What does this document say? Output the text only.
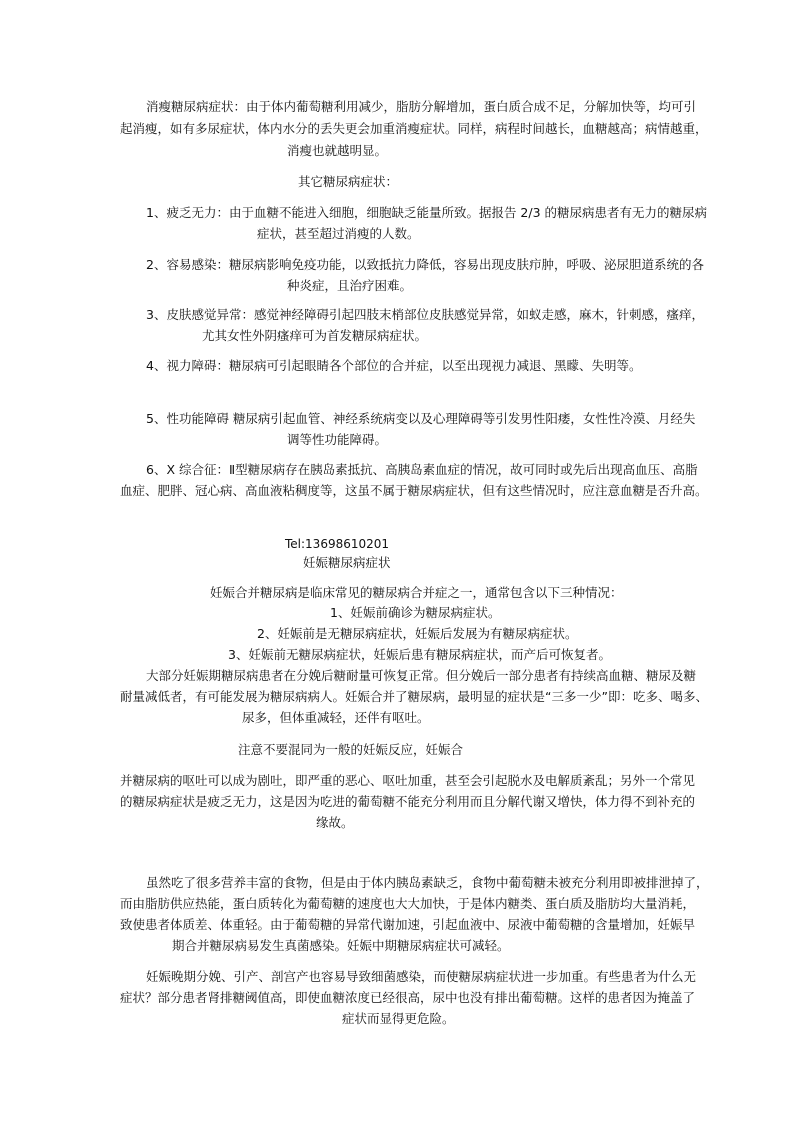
消瘦糖尿病症状：由于体内葡萄糖利用减少，脂肪分解增加，蛋白质合成不足，分解加快等，均可引
起消瘦，如有多尿症状，体内水分的丢失更会加重消瘦症状。同样，病程时间越长，血糖越高；病情越重，
消瘦也就越明显。
其它糖尿病症状：
1、疲乏无力：由于血糖不能进入细胞，细胞缺乏能量所致。据报告 2/3 的糖尿病患者有无力的糖尿病
症状，甚至超过消瘦的人数。
2、容易感染：糖尿病影响免疫功能，以致抵抗力降低，容易出现皮肤疖肿，呼吸、泌尿胆道系统的各
种炎症，且治疗困难。
3、皮肤感觉异常：感觉神经障碍引起四肢末梢部位皮肤感觉异常，如蚁走感，麻木，针刺感，瘙痒，
尤其女性外阴瘙痒可为首发糖尿病症状。
4、视力障碍：糖尿病可引起眼睛各个部位的合并症，以至出现视力减退、黑矇、失明等。
5、性功能障碍 糖尿病引起血管、神经系统病变以及心理障碍等引发男性阳痿，女性性冷漠、月经失
调等性功能障碍。
6、X 综合征：Ⅱ型糖尿病存在胰岛素抵抗、高胰岛素血症的情况，故可同时或先后出现高血压、高脂
血症、肥胖、冠心病、高血液粘稠度等，这虽不属于糖尿病症状，但有这些情况时，应注意血糖是否升高。
Tel:13698610201
妊娠糖尿病症状
妊娠合并糖尿病是临床常见的糖尿病合并症之一，通常包含以下三种情况：
1、妊娠前确诊为糖尿病症状。
2、妊娠前是无糖尿病症状，妊娠后发展为有糖尿病症状。
3、妊娠前无糖尿病症状，妊娠后患有糖尿病症状，而产后可恢复者。
大部分妊娠期糖尿病患者在分娩后糖耐量可恢复正常。但分娩后一部分患者有持续高血糖、糖尿及糖
耐量减低者，有可能发展为糖尿病病人。妊娠合并了糖尿病，最明显的症状是“三多一少”即：吃多、喝多、
尿多，但体重减轻，还伴有呕吐。
注意不要混同为一般的妊娠反应，妊娠合
并糖尿病的呕吐可以成为剧吐，即严重的恶心、呕吐加重，甚至会引起脱水及电解质紊乱；另外一个常见
的糖尿病症状是疲乏无力，这是因为吃进的葡萄糖不能充分利用而且分解代谢又增快，体力得不到补充的
缘故。
虽然吃了很多营养丰富的食物，但是由于体内胰岛素缺乏，食物中葡萄糖未被充分利用即被排泄掉了，
而由脂肪供应热能，蛋白质转化为葡萄糖的速度也大大加快，于是体内糖类、蛋白质及脂肪均大量消耗，
致使患者体质差、体重轻。由于葡萄糖的异常代谢加速，引起血液中、尿液中葡萄糖的含量增加，妊娠早
期合并糖尿病易发生真菌感染。妊娠中期糖尿病症状可减轻。
妊娠晚期分娩、引产、剖宫产也容易导致细菌感染，而使糖尿病症状进一步加重。有些患者为什么无
症状？部分患者肾排糖阈值高，即使血糖浓度已经很高，尿中也没有排出葡萄糖。这样的患者因为掩盖了
症状而显得更危险。
